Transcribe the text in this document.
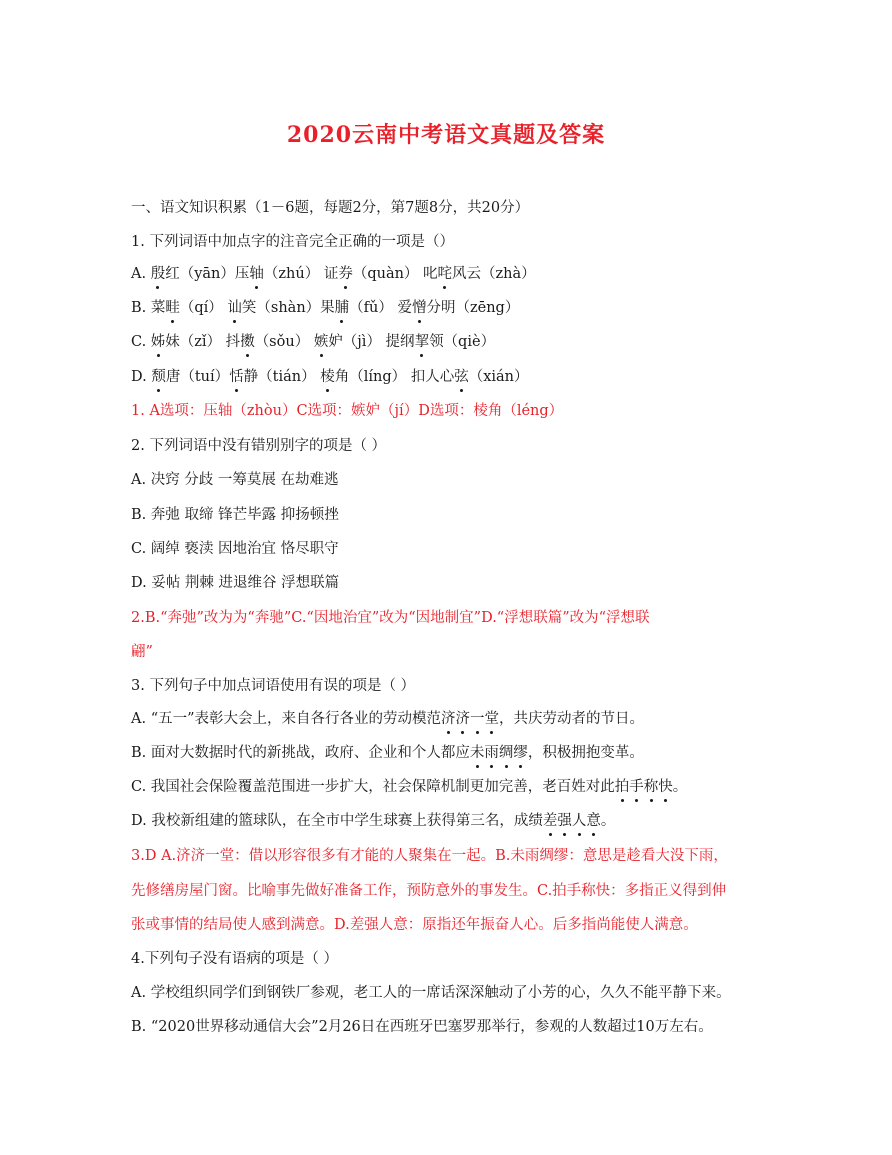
2020云南中考语文真题及答案
一、语文知识积累（1－6题，每题2分，第7题8分，共20分）
1. 下列词语中加点字的注音完全正确的一项是（）
A. 殷红（yān）压轴（zhú） 证券（quàn） 叱咤风云（zhà）
B. 菜畦（qí） 讪笑（shàn）果脯（fǔ） 爱憎分明（zēng）
C. 姊妹（zǐ） 抖擞（sǒu） 嫉妒（jì） 提纲挈领（qiè）
D. 颓唐（tuí）恬静（tián） 棱角（líng） 扣人心弦（xián）
1. A选项：压轴（zhòu）C选项：嫉妒（jí）D选项：棱角（léng）
2. 下列词语中没有错别别字的项是（ ）
A. 决窍 分歧 一筹莫展 在劫难逃
B. 奔弛 取缔 锋芒毕露 抑扬顿挫
C. 阔绰 亵渎 因地治宜 恪尽职守
D. 妥帖 荆棘 进退维谷 浮想联篇
2.B.“奔弛”改为为“奔驰”C.“因地治宜”改为“因地制宜”D.“浮想联篇”改为“浮想联
翩”
3. 下列句子中加点词语使用有误的项是（ ）
A. “五一”表彰大会上，来自各行各业的劳动模范济济一堂，共庆劳动者的节日。
B. 面对大数据时代的新挑战，政府、企业和个人都应未雨绸缪，积极拥抱变革。
C. 我国社会保险覆盖范围进一步扩大，社会保障机制更加完善，老百姓对此拍手称快。
D. 我校新组建的篮球队，在全市中学生球赛上获得第三名，成绩差强人意。
3.D A.济济一堂：借以形容很多有才能的人聚集在一起。B.未雨绸缪：意思是趁看大没下雨，
先修缮房屋门窗。比喻事先做好准备工作，预防意外的事发生。C.拍手称快：多指正义得到伸
张或事情的结局使人感到满意。D.差强人意：原指还年振奋人心。后多指尚能使人满意。
4.下列句子没有语病的项是（ ）
A. 学校组织同学们到钢铁厂参观，老工人的一席话深深触动了小芳的心，久久不能平静下来。
B. “2020世界移动通信大会”2月26日在西班牙巴塞罗那举行，参观的人数超过10万左右。
